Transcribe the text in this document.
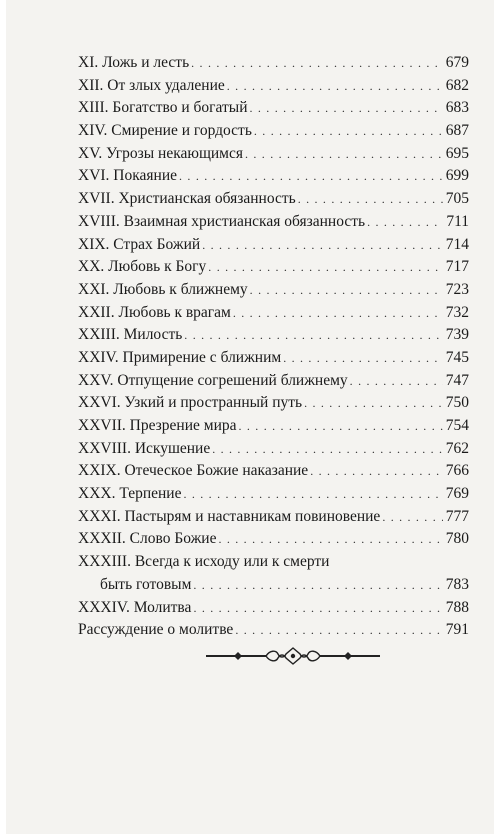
XI. Ложь и лесть . . .	679
XII. От злых удаление . . .	682
XIII. Богатство и богатый . . .	683
XIV. Смирение и гордость . . .	687
XV. Угрозы некающимся . . .	695
XVI. Покаяние . . .	699
XVII. Христианская обязанность . . .	705
XVIII. Взаимная христианская обязанность . . .	711
XIX. Страх Божий . . .	714
XX. Любовь к Богу . . .	717
XXI. Любовь к ближнему . . .	723
XXII. Любовь к врагам . . .	732
XXIII. Милость . . .	739
XXIV. Примирение с ближним . . .	745
XXV. Отпущение согрешений ближнему . . .	747
XXVI. Узкий и пространный путь . . .	750
XXVII. Презрение мира . . .	754
XXVIII. Искушение . . .	762
XXIX. Отеческое Божие наказание . . .	766
XXX. Терпение . . .	769
XXXI. Пастырям и наставникам повиновение . . .	777
XXXII. Слово Божие . . .	780
XXXIII. Всегда к исходу или к смерти
быть готовым . . .	783
XXXIV. Молитва . . .	788
Рассуждение о молитве . . .	791
